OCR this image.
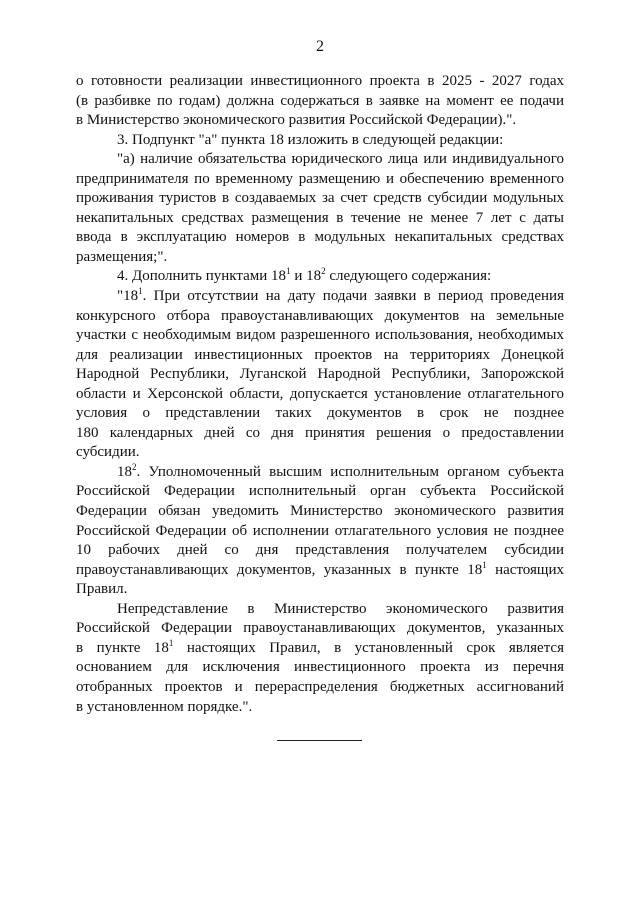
2
о готовности реализации инвестиционного проекта в 2025 - 2027 годах
(в разбивке по годам) должна содержаться в заявке на момент ее подачи
в Министерство экономического развития Российской Федерации).".
3. Подпункт "а" пункта 18 изложить в следующей редакции:
"а) наличие обязательства юридического лица или индивидуального
предпринимателя по временному размещению и обеспечению временного
проживания туристов в создаваемых за счет средств субсидии модульных
некапитальных средствах размещения в течение не менее 7 лет с даты
ввода в эксплуатацию номеров в модульных некапитальных средствах
размещения;".
4. Дополнить пунктами $18^1$ и $18^2$ следующего содержания:
"$18^1$. При отсутствии на дату подачи заявки в период проведения
конкурсного отбора правоустанавливающих документов на земельные
участки с необходимым видом разрешенного использования, необходимых
для реализации инвестиционных проектов на территориях Донецкой
Народной Республики, Луганской Народной Республики, Запорожской
области и Херсонской области, допускается установление отлагательного
условия о представлении таких документов в срок не позднее
180 календарных дней со дня принятия решения о предоставлении
субсидии.
$18^2$. Уполномоченный высшим исполнительным органом субъекта
Российской Федерации исполнительный орган субъекта Российской
Федерации обязан уведомить Министерство экономического развития
Российской Федерации об исполнении отлагательного условия не позднее
10 рабочих дней со дня представления получателем субсидии
правоустанавливающих документов, указанных в пункте $18^1$ настоящих
Правил.
Непредставление в Министерство экономического развития
Российской Федерации правоустанавливающих документов, указанных
в пункте $18^1$ настоящих Правил, в установленный срок является
основанием для исключения инвестиционного проекта из перечня
отобранных проектов и перераспределения бюджетных ассигнований
в установленном порядке.".
